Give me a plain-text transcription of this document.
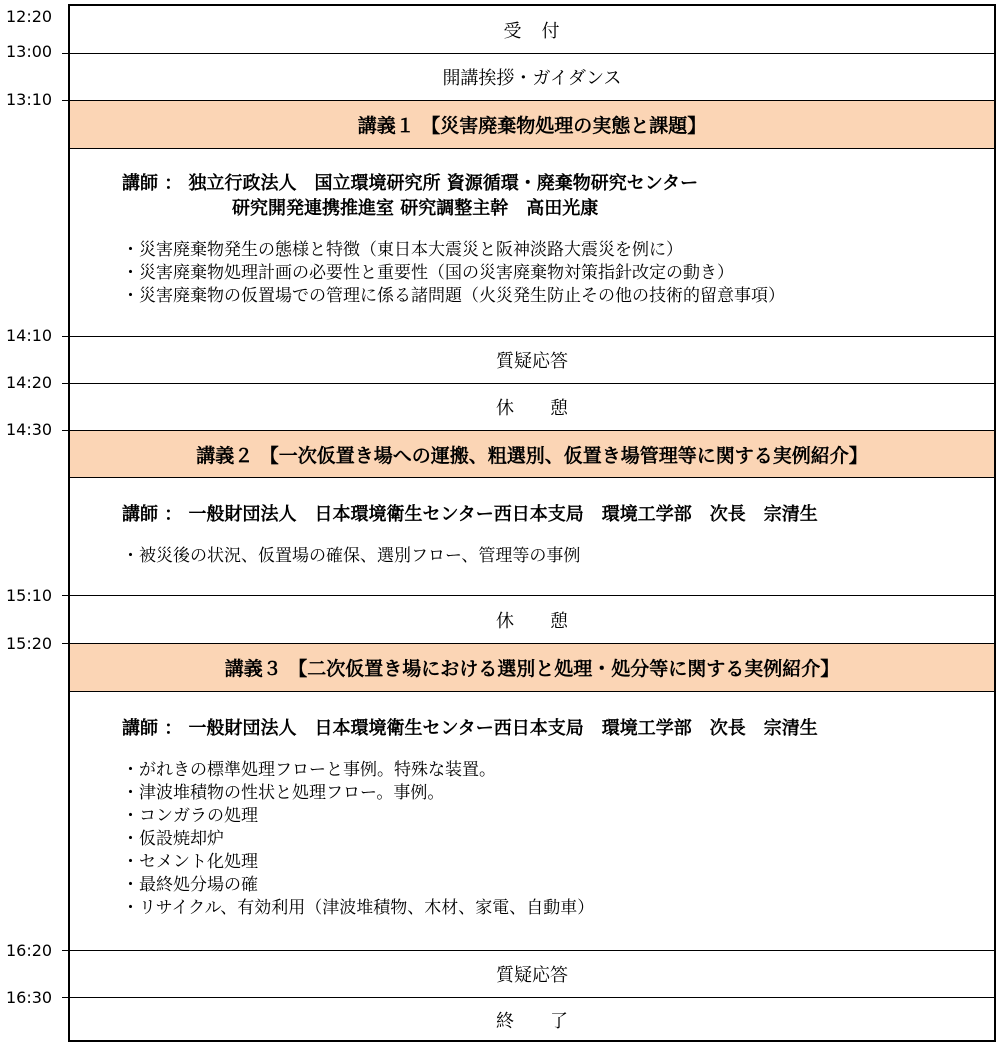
12:20
13:00
13:10
14:10
14:20
14:30
15:10
15:20
16:20
16:30
受　付
開講挨拶・ガイダンス
講義１ 【災害廃棄物処理の実態と課題】
講師 ： 独立行政法人　国立環境研究所 資源循環・廃棄物研究センター
研究開発連携推進室 研究調整主幹　高田光康
・災害廃棄物発生の態様と特徴（東日本大震災と阪神淡路大震災を例に）
・災害廃棄物処理計画の必要性と重要性（国の災害廃棄物対策指針改定の動き）
・災害廃棄物の仮置場での管理に係る諸問題（火災発生防止その他の技術的留意事項）
質疑応答
休　　憩
講義２ 【一次仮置き場への運搬、粗選別、仮置き場管理等に関する実例紹介】
講師 ： 一般財団法人　日本環境衛生センター西日本支局　環境工学部　次長　宗清生
・被災後の状況、仮置場の確保、選別フロー、管理等の事例
休　　憩
講義３ 【二次仮置き場における選別と処理・処分等に関する実例紹介】
講師 ： 一般財団法人　日本環境衛生センター西日本支局　環境工学部　次長　宗清生
・がれきの標準処理フローと事例。特殊な装置。
・津波堆積物の性状と処理フロー。事例。
・コンガラの処理
・仮設焼却炉
・セメント化処理
・最終処分場の確
・リサイクル、有効利用（津波堆積物、木材、家電、自動車）
質疑応答
終　　了
